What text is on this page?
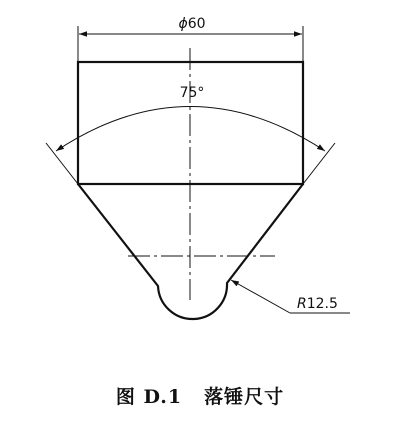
ϕ60
75°
R12.5
图 D.1 落锤尺寸
